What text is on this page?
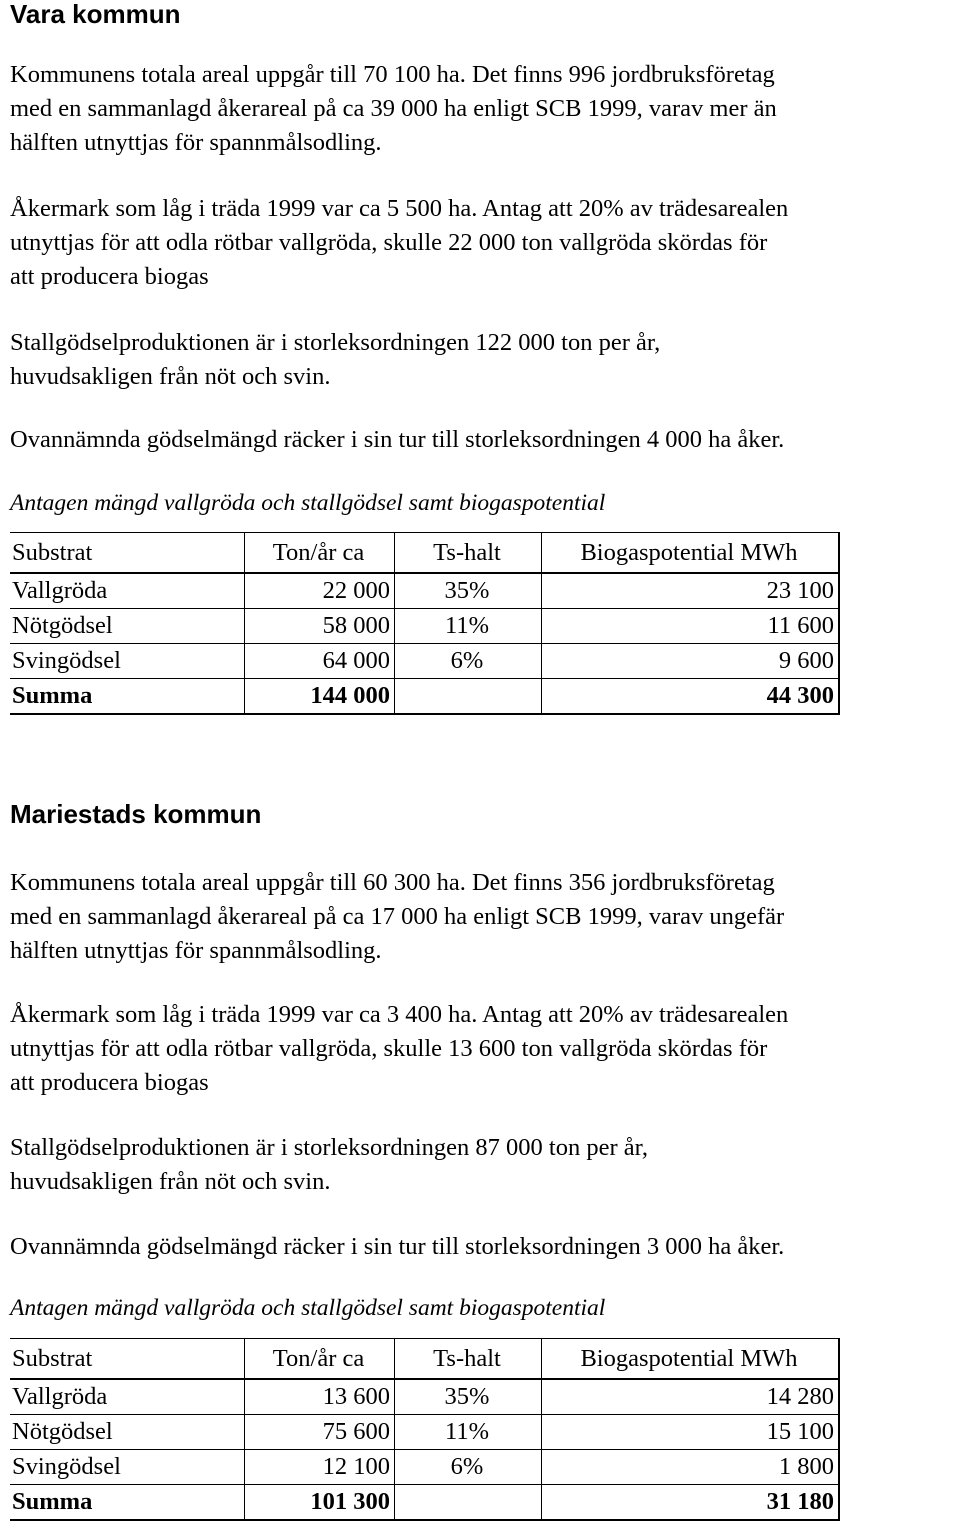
Vara kommun

Kommunens totala areal uppgår till 70 100 ha. Det finns 996 jordbruksföretag

med en sammanlagd åkerareal på ca 39 000 ha enligt SCB 1999, varav mer än

hälften utnyttjas för spannmålsodling.

Åkermark som låg i träda 1999 var ca 5 500 ha. Antag att 20% av trädesarealen

utnyttjas för att odla rötbar vallgröda, skulle 22 000 ton vallgröda skördas för

att producera biogas

Stallgödselproduktionen är i storleksordningen 122 000 ton per år,

huvudsakligen från nöt och svin.

Ovannämnda gödselmängd räcker i sin tur till storleksordningen 4 000 ha åker.

Antagen mängd vallgröda och stallgödsel samt biogaspotential

Substrat	Ton/år ca	Ts-halt	Biogaspotential MWh
Vallgröda	22 000	35%	23 100
Nötgödsel	58 000	11%	11 600
Svingödsel	64 000	6%	9 600
Summa	144 000		44 300
Mariestads kommun

Kommunens totala areal uppgår till 60 300 ha. Det finns 356 jordbruksföretag

med en sammanlagd åkerareal på ca 17 000 ha enligt SCB 1999, varav ungefär

hälften utnyttjas för spannmålsodling.

Åkermark som låg i träda 1999 var ca 3 400 ha. Antag att 20% av trädesarealen

utnyttjas för att odla rötbar vallgröda, skulle 13 600 ton vallgröda skördas för

att producera biogas

Stallgödselproduktionen är i storleksordningen 87 000 ton per år,

huvudsakligen från nöt och svin.

Ovannämnda gödselmängd räcker i sin tur till storleksordningen 3 000 ha åker.

Antagen mängd vallgröda och stallgödsel samt biogaspotential

Substrat	Ton/år ca	Ts-halt	Biogaspotential MWh
Vallgröda	13 600	35%	14 280
Nötgödsel	75 600	11%	15 100
Svingödsel	12 100	6%	1 800
Summa	101 300		31 180
